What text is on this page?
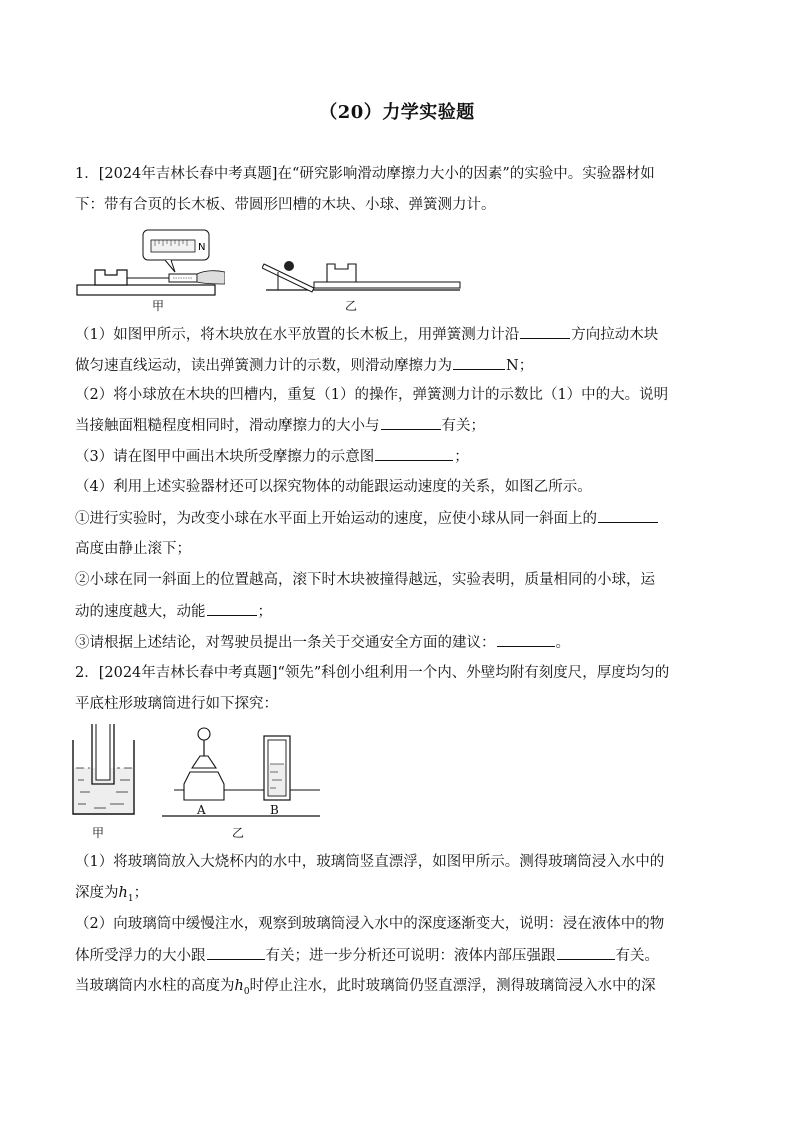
（20）力学实验题
1．[2024年吉林长春中考真题]在“研究影响滑动摩擦力大小的因素”的实验中。实验器材如
下：带有合页的长木板、带圆形凹槽的木块、小球、弹簧测力计。
N
甲	乙
（1）如图甲所示，将木块放在水平放置的长木板上，用弹簧测力计沿	方向拉动木块
做匀速直线运动，读出弹簧测力计的示数，则滑动摩擦力为	N；
（2）将小球放在木块的凹槽内，重复（1）的操作，弹簧测力计的示数比（1）中的大。说明
当接触面粗糙程度相同时，滑动摩擦力的大小与	有关；
（3）请在图甲中画出木块所受摩擦力的示意图	；
（4）利用上述实验器材还可以探究物体的动能跟运动速度的关系，如图乙所示。
①进行实验时，为改变小球在水平面上开始运动的速度，应使小球从同一斜面上的
高度由静止滚下；
②小球在同一斜面上的位置越高，滚下时木块被撞得越远，实验表明，质量相同的小球，运
动的速度越大，动能	；
③请根据上述结论，对驾驶员提出一条关于交通安全方面的建议：	。
2．[2024年吉林长春中考真题]“领先”科创小组利用一个内、外壁均附有刻度尺，厚度均匀的
平底柱形玻璃筒进行如下探究：
甲
A	B
乙
（1）将玻璃筒放入大烧杯内的水中，玻璃筒竖直漂浮，如图甲所示。测得玻璃筒浸入水中的
深度为$h_1$；
（2）向玻璃筒中缓慢注水，观察到玻璃筒浸入水中的深度逐渐变大，说明：浸在液体中的物
体所受浮力的大小跟	有关；进一步分析还可说明：液体内部压强跟	有关。
当玻璃筒内水柱的高度为$h_0$时停止注水，此时玻璃筒仍竖直漂浮，测得玻璃筒浸入水中的深
